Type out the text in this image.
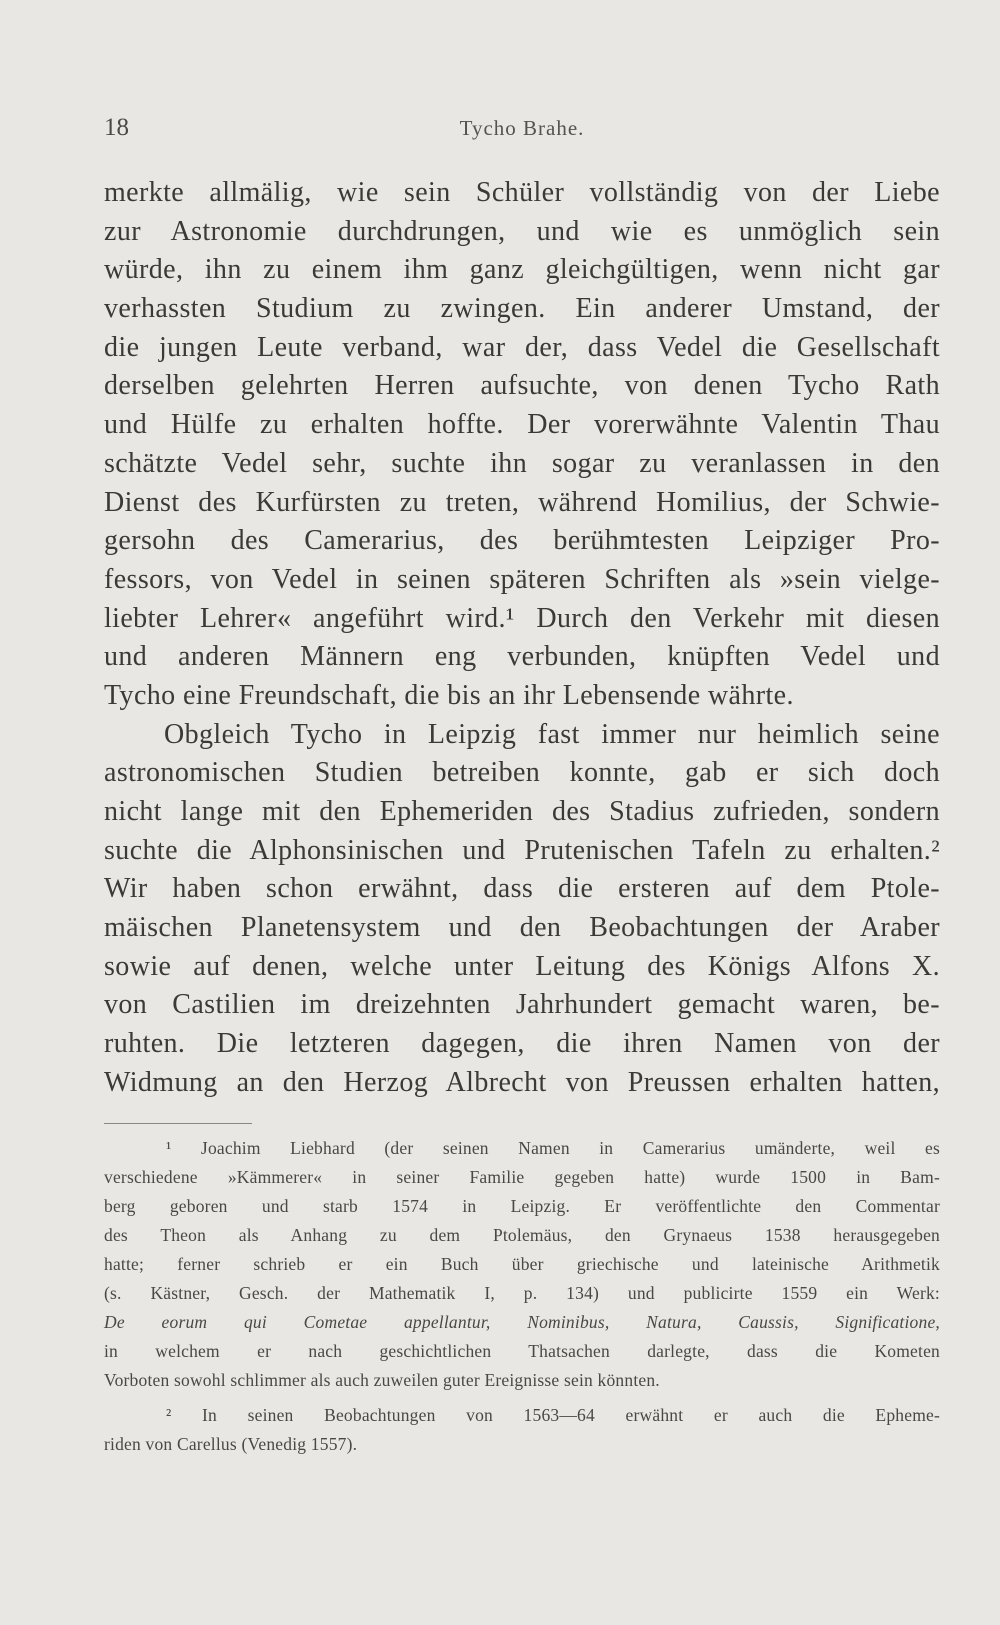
18	Tycho Brahe.
merkte allmälig, wie sein Schüler vollständig von der Liebe
zur Astronomie durchdrungen, und wie es unmöglich sein
würde, ihn zu einem ihm ganz gleichgültigen, wenn nicht gar
verhassten Studium zu zwingen. Ein anderer Umstand, der
die jungen Leute verband, war der, dass Vedel die Gesellschaft
derselben gelehrten Herren aufsuchte, von denen Tycho Rath
und Hülfe zu erhalten hoffte. Der vorerwähnte Valentin Thau
schätzte Vedel sehr, suchte ihn sogar zu veranlassen in den
Dienst des Kurfürsten zu treten, während Homilius, der Schwie-
gersohn des Camerarius, des berühmtesten Leipziger Pro-
fessors, von Vedel in seinen späteren Schriften als »sein vielge-
liebter Lehrer« angeführt wird.¹ Durch den Verkehr mit diesen
und anderen Männern eng verbunden, knüpften Vedel und
Tycho eine Freundschaft, die bis an ihr Lebensende währte.
Obgleich Tycho in Leipzig fast immer nur heimlich seine
astronomischen Studien betreiben konnte, gab er sich doch
nicht lange mit den Ephemeriden des Stadius zufrieden, sondern
suchte die Alphonsinischen und Prutenischen Tafeln zu erhalten.²
Wir haben schon erwähnt, dass die ersteren auf dem Ptole-
mäischen Planetensystem und den Beobachtungen der Araber
sowie auf denen, welche unter Leitung des Königs Alfons X.
von Castilien im dreizehnten Jahrhundert gemacht waren, be-
ruhten. Die letzteren dagegen, die ihren Namen von der
Widmung an den Herzog Albrecht von Preussen erhalten hatten,
¹ Joachim Liebhard (der seinen Namen in Camerarius umänderte, weil es
verschiedene »Kämmerer« in seiner Familie gegeben hatte) wurde 1500 in Bam-
berg geboren und starb 1574 in Leipzig. Er veröffentlichte den Commentar
des Theon als Anhang zu dem Ptolemäus, den Grynaeus 1538 herausgegeben
hatte; ferner schrieb er ein Buch über griechische und lateinische Arithmetik
(s. Kästner, Gesch. der Mathematik I, p. 134) und publicirte 1559 ein Werk:
De eorum qui Cometae appellantur, Nominibus, Natura, Caussis, Significatione,
in welchem er nach geschichtlichen Thatsachen darlegte, dass die Kometen
Vorboten sowohl schlimmer als auch zuweilen guter Ereignisse sein könnten.
² In seinen Beobachtungen von 1563—64 erwähnt er auch die Epheme-
riden von Carellus (Venedig 1557).
